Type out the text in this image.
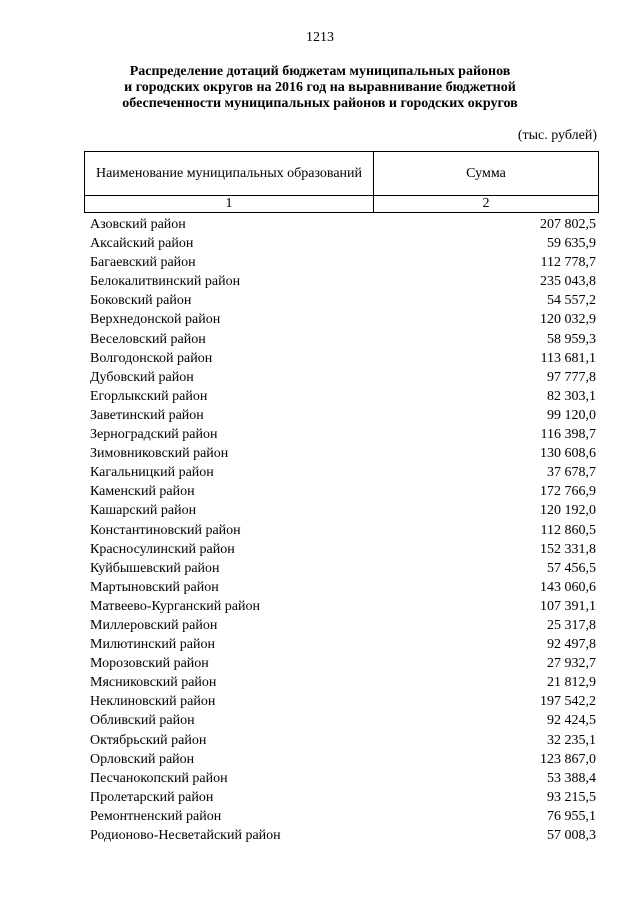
1213
Распределение дотаций бюджетам муниципальных районов
и городских округов на 2016 год на выравнивание бюджетной
обеспеченности муниципальных районов и городских округов
(тыс. рублей)
Наименование муниципальных образований	Сумма
1	2
Азовский район	207 802,5
Аксайский район	59 635,9
Багаевский район	112 778,7
Белокалитвинский район	235 043,8
Боковский район	54 557,2
Верхнедонской район	120 032,9
Веселовский район	58 959,3
Волгодонской район	113 681,1
Дубовский район	97 777,8
Егорлыкский район	82 303,1
Заветинский район	99 120,0
Зерноградский район	116 398,7
Зимовниковский район	130 608,6
Кагальницкий район	37 678,7
Каменский район	172 766,9
Кашарский район	120 192,0
Константиновский район	112 860,5
Красносулинский район	152 331,8
Куйбышевский район	57 456,5
Мартыновский район	143 060,6
Матвеево-Курганский район	107 391,1
Миллеровский район	25 317,8
Милютинский район	92 497,8
Морозовский район	27 932,7
Мясниковский район	21 812,9
Неклиновский район	197 542,2
Обливский район	92 424,5
Октябрьский район	32 235,1
Орловский район	123 867,0
Песчанокопский район	53 388,4
Пролетарский район	93 215,5
Ремонтненский район	76 955,1
Родионово-Несветайский район	57 008,3
